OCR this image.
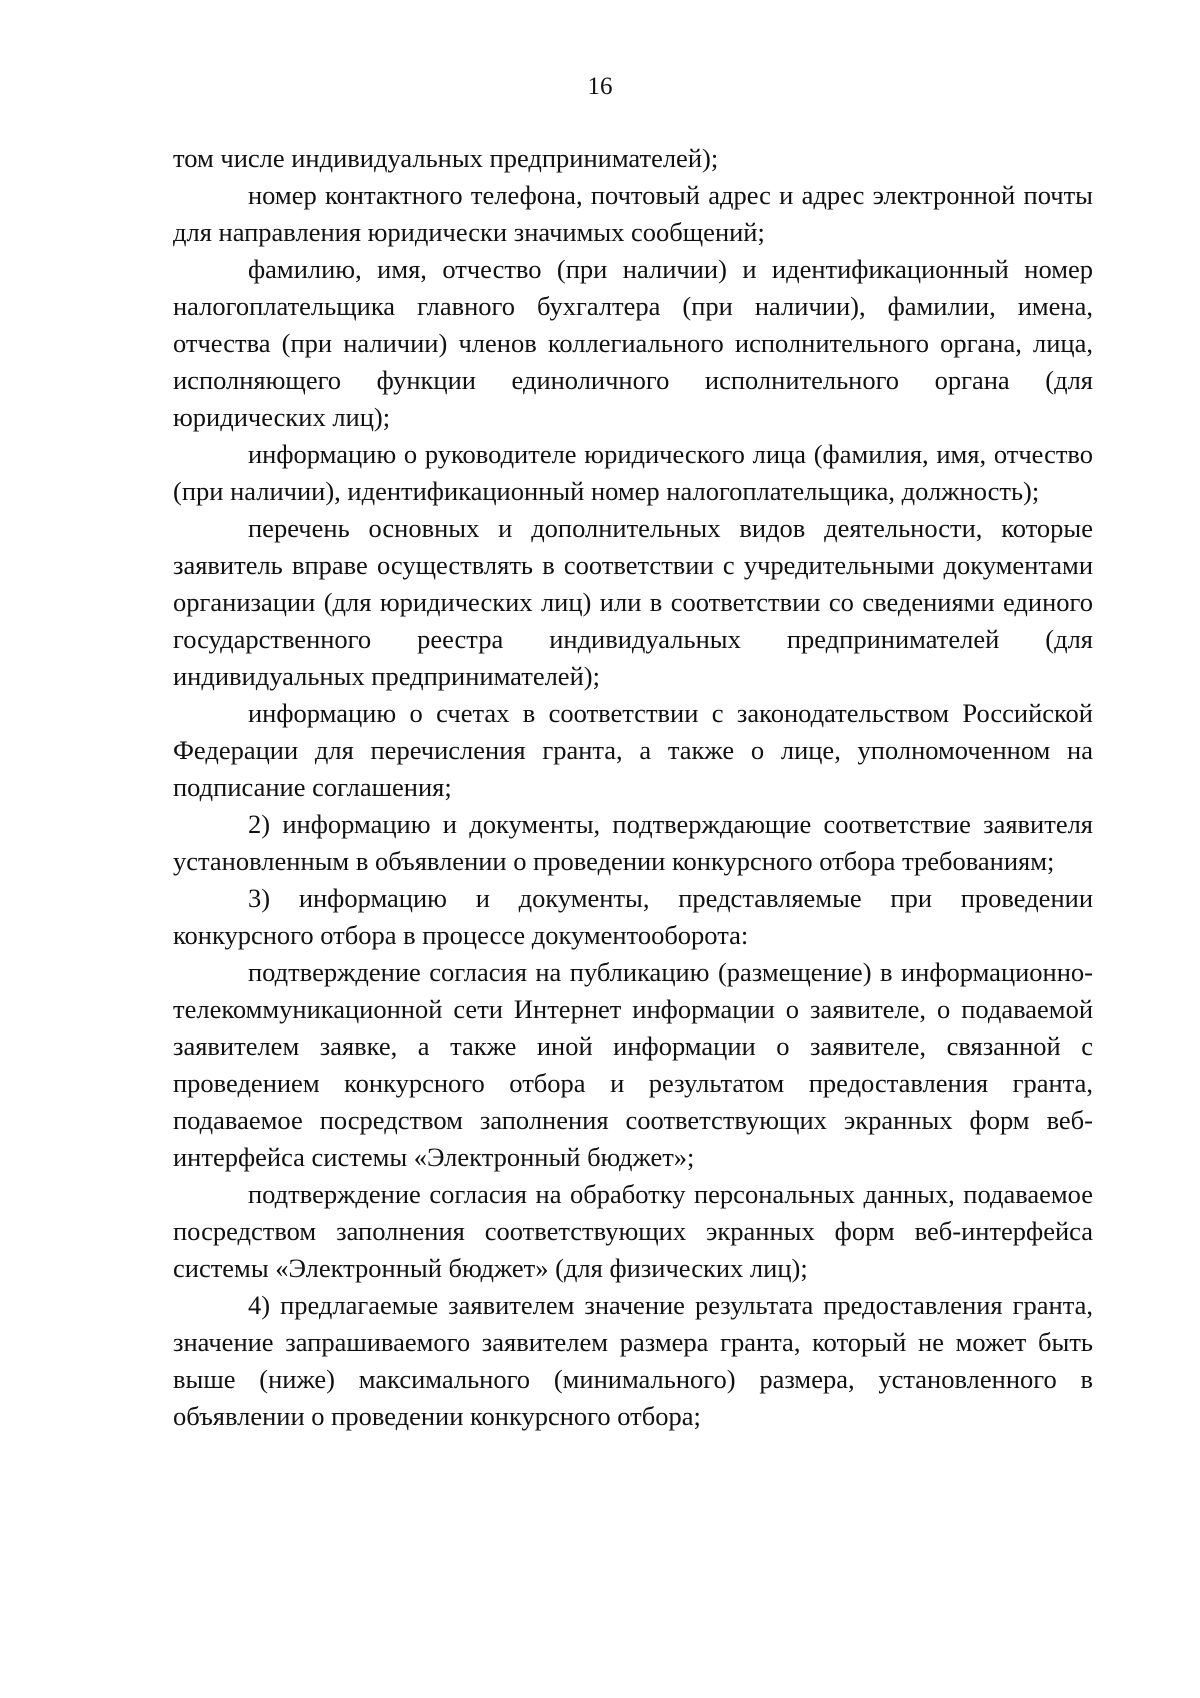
16

том числе индивидуальных предпринимателей);

номер контактного телефона, почтовый адрес и адрес электронной почты для направления юридически значимых сообщений;

фамилию, имя, отчество (при наличии) и идентификационный номер налогоплательщика главного бухгалтера (при наличии), фамилии, имена, отчества (при наличии) членов коллегиального исполнительного органа, лица, исполняющего функции единоличного исполнительного органа (для юридических лиц);

информацию о руководителе юридического лица (фамилия, имя, отчество (при наличии), идентификационный номер налогоплательщика, должность);

перечень основных и дополнительных видов деятельности, которые заявитель вправе осуществлять в соответствии с учредительными документами организации (для юридических лиц) или в соответствии со сведениями единого государственного реестра индивидуальных предпринимателей (для индивидуальных предпринимателей);

информацию о счетах в соответствии с законодательством Российской Федерации для перечисления гранта, а также о лице, уполномоченном на подписание соглашения;

2) информацию и документы, подтверждающие соответствие заявителя установленным в объявлении о проведении конкурсного отбора требованиям;

3) информацию и документы, представляемые при проведении конкурсного отбора в процессе документооборота:

подтверждение согласия на публикацию (размещение) в информационно-телекоммуникационной сети Интернет информации о заявителе, о подаваемой заявителем заявке, а также иной информации о заявителе, связанной с проведением конкурсного отбора и результатом предоставления гранта, подаваемое посредством заполнения соответствующих экранных форм веб-интерфейса системы «Электронный бюджет»;

подтверждение согласия на обработку персональных данных, подаваемое посредством заполнения соответствующих экранных форм веб-интерфейса системы «Электронный бюджет» (для физических лиц);

4) предлагаемые заявителем значение результата предоставления гранта, значение запрашиваемого заявителем размера гранта, который не может быть выше (ниже) максимального (минимального) размера, установленного в объявлении о проведении конкурсного отбора;
